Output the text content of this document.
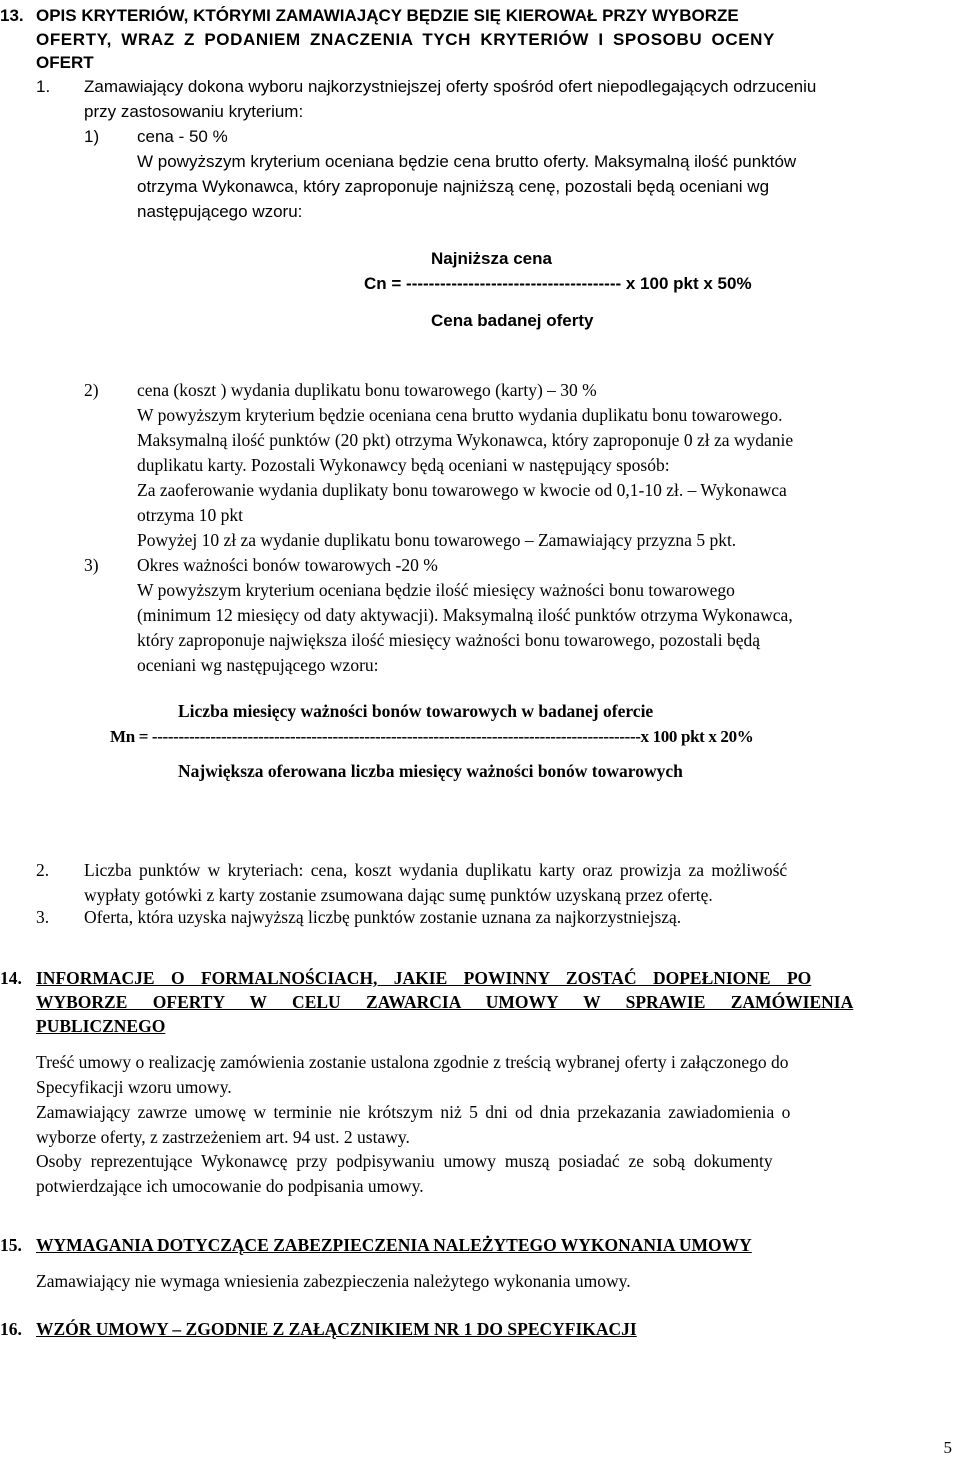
13. OPIS KRYTERIÓW, KTÓRYMI ZAMAWIAJĄCY BĘDZIE SIĘ KIEROWAŁ PRZY WYBORZE
OFERTY, WRAZ Z PODANIEM ZNACZENIA TYCH KRYTERIÓW I SPOSOBU OCENY
OFERT
1. Zamawiający dokona wyboru najkorzystniejszej oferty spośród ofert niepodlegających odrzuceniu
przy zastosowaniu kryterium:
1) cena - 50 %
W powyższym kryterium oceniana będzie cena brutto oferty. Maksymalną ilość punktów
otrzyma Wykonawca, który zaproponuje najniższą cenę, pozostali będą oceniani wg
następującego wzoru:
Najniższa cena
Cn = -------------------------------------- x 100 pkt x 50%
Cena badanej oferty
2) cena (koszt ) wydania duplikatu bonu towarowego (karty) – 30 %
W powyższym kryterium będzie oceniana cena brutto wydania duplikatu bonu towarowego.
Maksymalną ilość punktów (20 pkt) otrzyma Wykonawca, który zaproponuje 0 zł za wydanie
duplikatu karty. Pozostali Wykonawcy będą oceniani w następujący sposób:
Za zaoferowanie wydania duplikaty bonu towarowego w kwocie od 0,1-10 zł. – Wykonawca
otrzyma 10 pkt
Powyżej 10 zł za wydanie duplikatu bonu towarowego – Zamawiający przyzna 5 pkt.
3) Okres ważności bonów towarowych -20 %
W powyższym kryterium oceniana będzie ilość miesięcy ważności bonu towarowego
(minimum 12 miesięcy od daty aktywacji). Maksymalną ilość punktów otrzyma Wykonawca,
który zaproponuje największa ilość miesięcy ważności bonu towarowego, pozostali będą
oceniani wg następującego wzoru:
Liczba miesięcy ważności bonów towarowych w badanej ofercie
Mn = --------------------------------------------------------------------------------------------x 100 pkt x 20%
Największa oferowana liczba miesięcy ważności bonów towarowych
2. Liczba punktów w kryteriach: cena, koszt wydania duplikatu karty oraz prowizja za możliwość
wypłaty gotówki z karty zostanie zsumowana dając sumę punktów uzyskaną przez ofertę.
3. Oferta, która uzyska najwyższą liczbę punktów zostanie uznana za najkorzystniejszą.
14. INFORMACJE O FORMALNOŚCIACH, JAKIE POWINNY ZOSTAĆ DOPEŁNIONE PO
WYBORZE OFERTY W CELU ZAWARCIA UMOWY W SPRAWIE ZAMÓWIENIA
PUBLICZNEGO
Treść umowy o realizację zamówienia zostanie ustalona zgodnie z treścią wybranej oferty i załączonego do
Specyfikacji wzoru umowy.
Zamawiający zawrze umowę w terminie nie krótszym niż 5 dni od dnia przekazania zawiadomienia o
wyborze oferty, z zastrzeżeniem art. 94 ust. 2 ustawy.
Osoby reprezentujące Wykonawcę przy podpisywaniu umowy muszą posiadać ze sobą dokumenty
potwierdzające ich umocowanie do podpisania umowy.
15. WYMAGANIA DOTYCZĄCE ZABEZPIECZENIA NALEŻYTEGO WYKONANIA UMOWY
Zamawiający nie wymaga wniesienia zabezpieczenia należytego wykonania umowy.
16. WZÓR UMOWY – ZGODNIE Z ZAŁĄCZNIKIEM NR 1 DO SPECYFIKACJI
5
